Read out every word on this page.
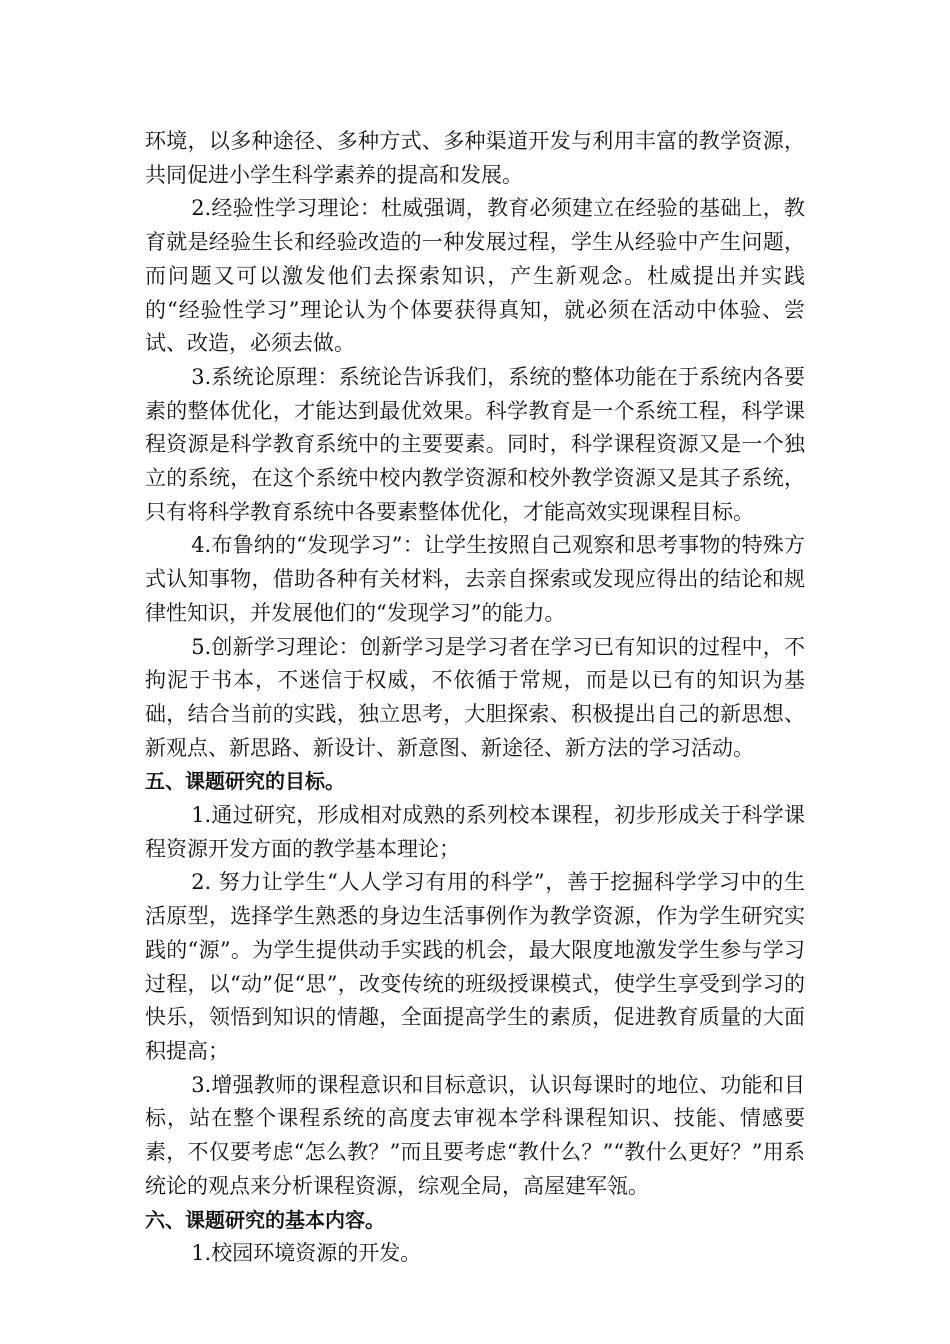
环境，以多种途径、多种方式、多种渠道开发与利用丰富的教学资源，共同促进小学生科学素养的提高和发展。

2.经验性学习理论：杜威强调，教育必须建立在经验的基础上，教育就是经验生长和经验改造的一种发展过程，学生从经验中产生问题，而问题又可以激发他们去探索知识，产生新观念。杜威提出并实践的“经验性学习”理论认为个体要获得真知，就必须在活动中体验、尝试、改造，必须去做。

3.系统论原理：系统论告诉我们，系统的整体功能在于系统内各要素的整体优化，才能达到最优效果。科学教育是一个系统工程，科学课程资源是科学教育系统中的主要要素。同时，科学课程资源又是一个独立的系统，在这个系统中校内教学资源和校外教学资源又是其子系统，只有将科学教育系统中各要素整体优化，才能高效实现课程目标。

4.布鲁纳的“发现学习”：让学生按照自己观察和思考事物的特殊方式认知事物，借助各种有关材料，去亲自探索或发现应得出的结论和规律性知识，并发展他们的“发现学习”的能力。

5.创新学习理论：创新学习是学习者在学习已有知识的过程中，不拘泥于书本，不迷信于权威，不依循于常规，而是以已有的知识为基础，结合当前的实践，独立思考，大胆探索、积极提出自己的新思想、新观点、新思路、新设计、新意图、新途径、新方法的学习活动。

五、课题研究的目标。

1.通过研究，形成相对成熟的系列校本课程，初步形成关于科学课程资源开发方面的教学基本理论；

2. 努力让学生“人人学习有用的科学”，善于挖掘科学学习中的生活原型，选择学生熟悉的身边生活事例作为教学资源，作为学生研究实践的“源”。为学生提供动手实践的机会，最大限度地激发学生参与学习过程，以“动”促“思”，改变传统的班级授课模式，使学生享受到学习的快乐，领悟到知识的情趣，全面提高学生的素质，促进教育质量的大面积提高；

3.增强教师的课程意识和目标意识，认识每课时的地位、功能和目标，站在整个课程系统的高度去审视本学科课程知识、技能、情感要素，不仅要考虑“怎么教？”而且要考虑“教什么？”“教什么更好？”用系统论的观点来分析课程资源，综观全局，高屋建军瓴。

六、课题研究的基本内容。

1.校园环境资源的开发。
